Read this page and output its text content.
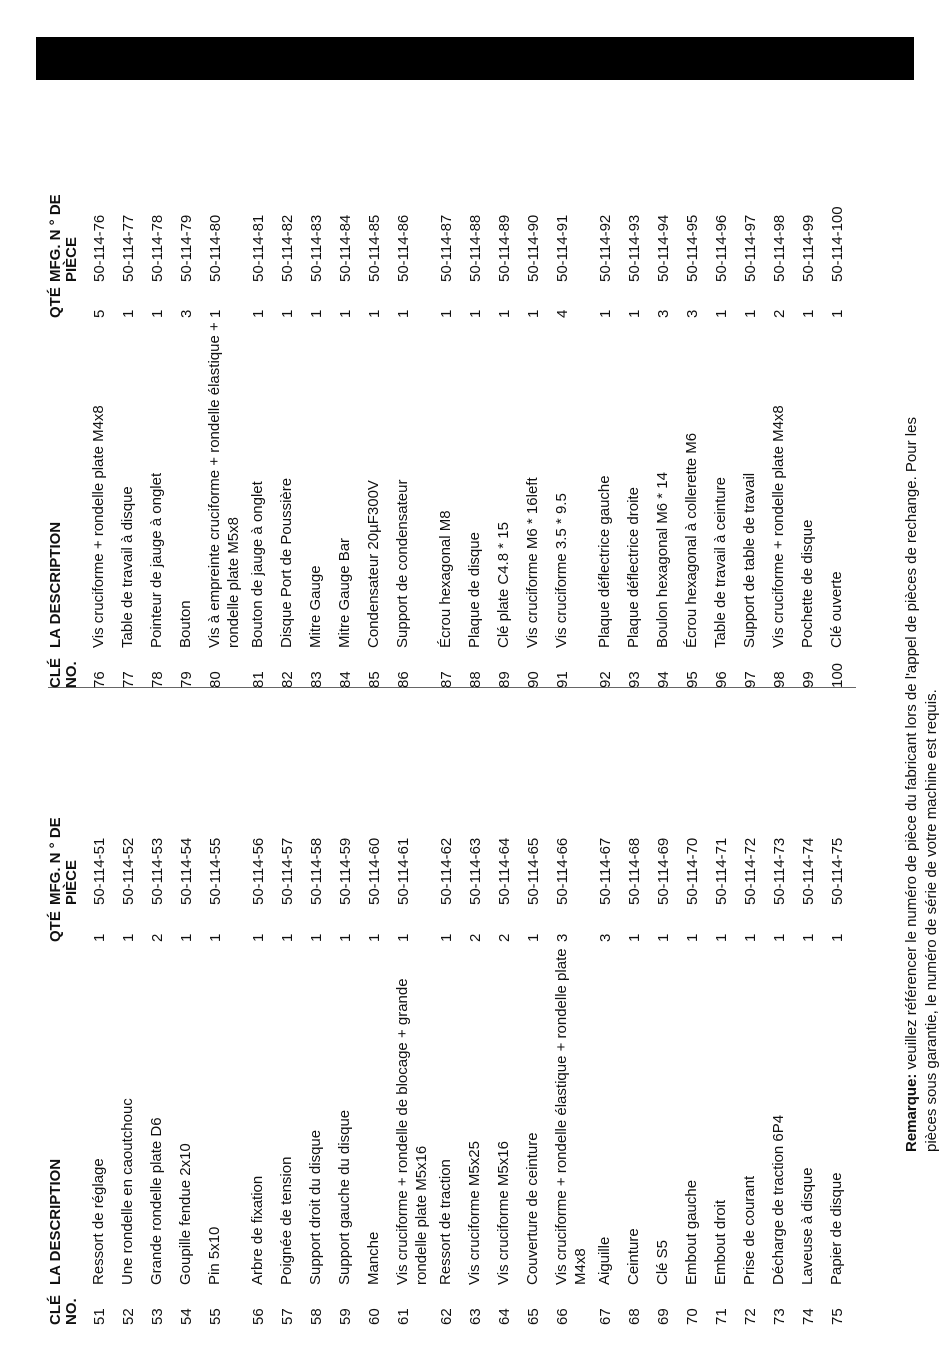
CLÉ NO.
LA DESCRIPTION
QTÉ
MFG. N ° DE PIÈCE
51
Ressort de réglage
1
50-114-51
52
Une rondelle en caoutchouc
1
50-114-52
53
Grande rondelle plate D6
2
50-114-53
54
Goupille fendue 2x10
1
50-114-54
55
Pin 5x10
1
50-114-55
56
Arbre de fixation
1
50-114-56
57
Poignée de tension
1
50-114-57
58
Support droit du disque
1
50-114-58
59
Support gauche du disque
1
50-114-59
60
Manche
1
50-114-60
61
Vis cruciforme + rondelle de blocage + grande rondelle plate M5x16
1
50-114-61
62
Ressort de traction
1
50-114-62
63
Vis cruciforme M5x25
2
50-114-63
64
Vis cruciforme M5x16
2
50-114-64
65
Couverture de ceinture
1
50-114-65
66
Vis cruciforme + rondelle élastique + rondelle plate M4x8
3
50-114-66
67
Aiguille
3
50-114-67
68
Ceinture
1
50-114-68
69
Clé S5
1
50-114-69
70
Embout gauche
1
50-114-70
71
Embout droit
1
50-114-71
72
Prise de courant
1
50-114-72
73
Décharge de traction 6P4
1
50-114-73
74
Laveuse à disque
1
50-114-74
75
Papier de disque
1
50-114-75
CLÉ NO.
LA DESCRIPTION
QTÉ
MFG. N ° DE PIÈCE
76
Vis cruciforme + rondelle plate M4x8
5
50-114-76
77
Table de travail à disque
1
50-114-77
78
Pointeur de jauge à onglet
1
50-114-78
79
Bouton
3
50-114-79
80
Vis à empreinte cruciforme + rondelle élastique + rondelle plate M5x8
1
50-114-80
81
Bouton de jauge à onglet
1
50-114-81
82
Disque Port de Poussière
1
50-114-82
83
Mitre Gauge
1
50-114-83
84
Mitre Gauge Bar
1
50-114-84
85
Condensateur 20µF300V
1
50-114-85
86
Support de condensateur
1
50-114-86
87
Écrou hexagonal M8
1
50-114-87
88
Plaque de disque
1
50-114-88
89
Clé plate C4.8 * 15
1
50-114-89
90
Vis cruciforme M6 * 16left
1
50-114-90
91
Vis cruciforme 3.5 * 9.5
4
50-114-91
92
Plaque déflectrice gauche
1
50-114-92
93
Plaque déflectrice droite
1
50-114-93
94
Boulon hexagonal M6 * 14
3
50-114-94
95
Écrou hexagonal à collerette M6
3
50-114-95
96
Table de travail à ceinture
1
50-114-96
97
Support de table de travail
1
50-114-97
98
Vis cruciforme + rondelle plate M4x8
2
50-114-98
99
Pochette de disque
1
50-114-99
100
Clé ouverte
1
50-114-100
Remarque: veuillez référencer le numéro de pièce du fabricant lors de l'appel de pièces de rechange. Pour les pièces sous garantie, le numéro de série de votre machine est requis.
